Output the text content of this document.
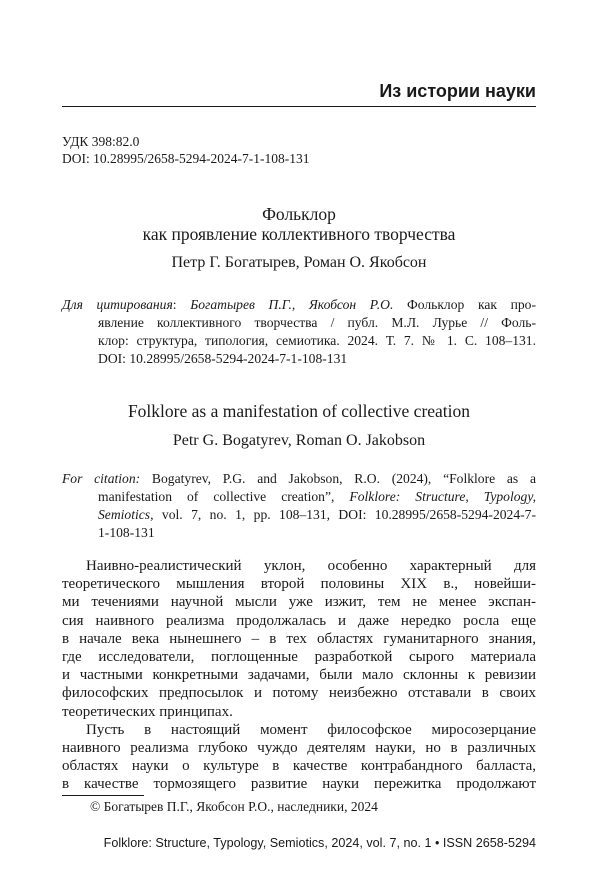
Из истории науки
УДК 398:82.0
DOI: 10.28995/2658-5294-2024-7-1-108-131
Фольклор
как проявление коллективного творчества
Петр Г. Богатырев, Роман О. Якобсон
Для цитирования: Богатырев П.Г., Якобсон Р.О. Фольклор как про-
явление коллективного творчества / публ. М.Л. Лурье // Фоль-
клор: структура, типология, семиотика. 2024. Т. 7. № 1. С. 108–131.
DOI: 10.28995/2658-5294-2024-7-1-108-131
Folklore as a manifestation of collective creation
Petr G. Bogatyrev, Roman O. Jakobson
For citation: Bogatyrev, P.G. and Jakobson, R.O. (2024), “Folklore as a
manifestation of collective creation”, Folklore: Structure, Typology,
Semiotics, vol. 7, no. 1, pp. 108–131, DOI: 10.28995/2658-5294-2024-7-
1-108-131
Наивно-реалистический уклон, особенно характерный для
теоретического мышления второй половины XIX в., новейши-
ми течениями научной мысли уже изжит, тем не менее экспан-
сия наивного реализма продолжалась и даже нередко росла еще
в начале века нынешнего – в тех областях гуманитарного знания,
где исследователи, поглощенные разработкой сырого материала
и частными конкретными задачами, были мало склонны к ревизии
философских предпосылок и потому неизбежно отставали в своих
теоретических принципах.
Пусть в настоящий момент философское миросозерцание
наивного реализма глубоко чуждо деятелям науки, но в различных
областях науки о культуре в качестве контрабандного балласта,
в качестве тормозящего развитие науки пережитка продолжают
© Богатырев П.Г., Якобсон Р.О., наследники, 2024
Folklore: Structure, Typology, Semiotics, 2024, vol. 7, no. 1 • ISSN 2658-5294
